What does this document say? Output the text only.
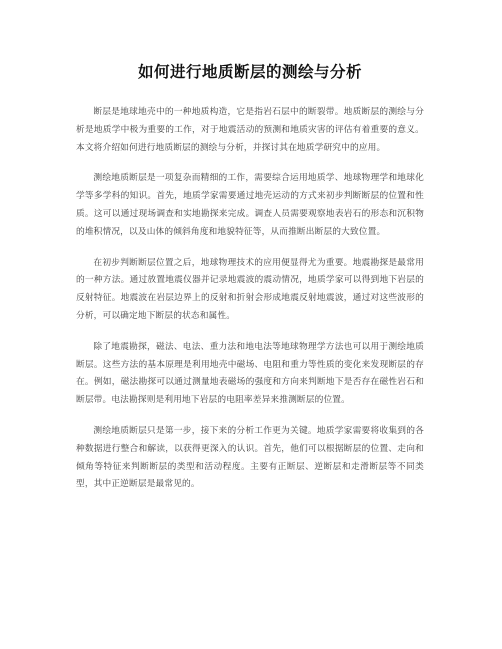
如何进行地质断层的测绘与分析

断层是地球地壳中的一种地质构造，它是指岩石层中的断裂带。地质断层的测绘与分析是地质学中极为重要的工作，对于地震活动的预测和地质灾害的评估有着重要的意义。本文将介绍如何进行地质断层的测绘与分析，并探讨其在地质学研究中的应用。

测绘地质断层是一项复杂而精细的工作，需要综合运用地质学、地球物理学和地球化学等多学科的知识。首先，地质学家需要通过地壳运动的方式来初步判断断层的位置和性质。这可以通过现场调查和实地勘探来完成。调查人员需要观察地表岩石的形态和沉积物的堆积情况，以及山体的倾斜角度和地貌特征等，从而推断出断层的大致位置。

在初步判断断层位置之后，地球物理技术的应用便显得尤为重要。地震勘探是最常用的一种方法。通过放置地震仪器并记录地震波的震动情况，地质学家可以得到地下岩层的反射特征。地震波在岩层边界上的反射和折射会形成地震反射地震波，通过对这些波形的分析，可以确定地下断层的状态和属性。

除了地震勘探，磁法、电法、重力法和地电法等地球物理学方法也可以用于测绘地质断层。这些方法的基本原理是利用地壳中磁场、电阻和重力等性质的变化来发现断层的存在。例如，磁法勘探可以通过测量地表磁场的强度和方向来判断地下是否存在磁性岩石和断层带。电法勘探则是利用地下岩层的电阻率差异来推测断层的位置。

测绘地质断层只是第一步，接下来的分析工作更为关键。地质学家需要将收集到的各种数据进行整合和解读，以获得更深入的认识。首先，他们可以根据断层的位置、走向和倾角等特征来判断断层的类型和活动程度。主要有正断层、逆断层和走滑断层等不同类型，其中正逆断层是最常见的。
